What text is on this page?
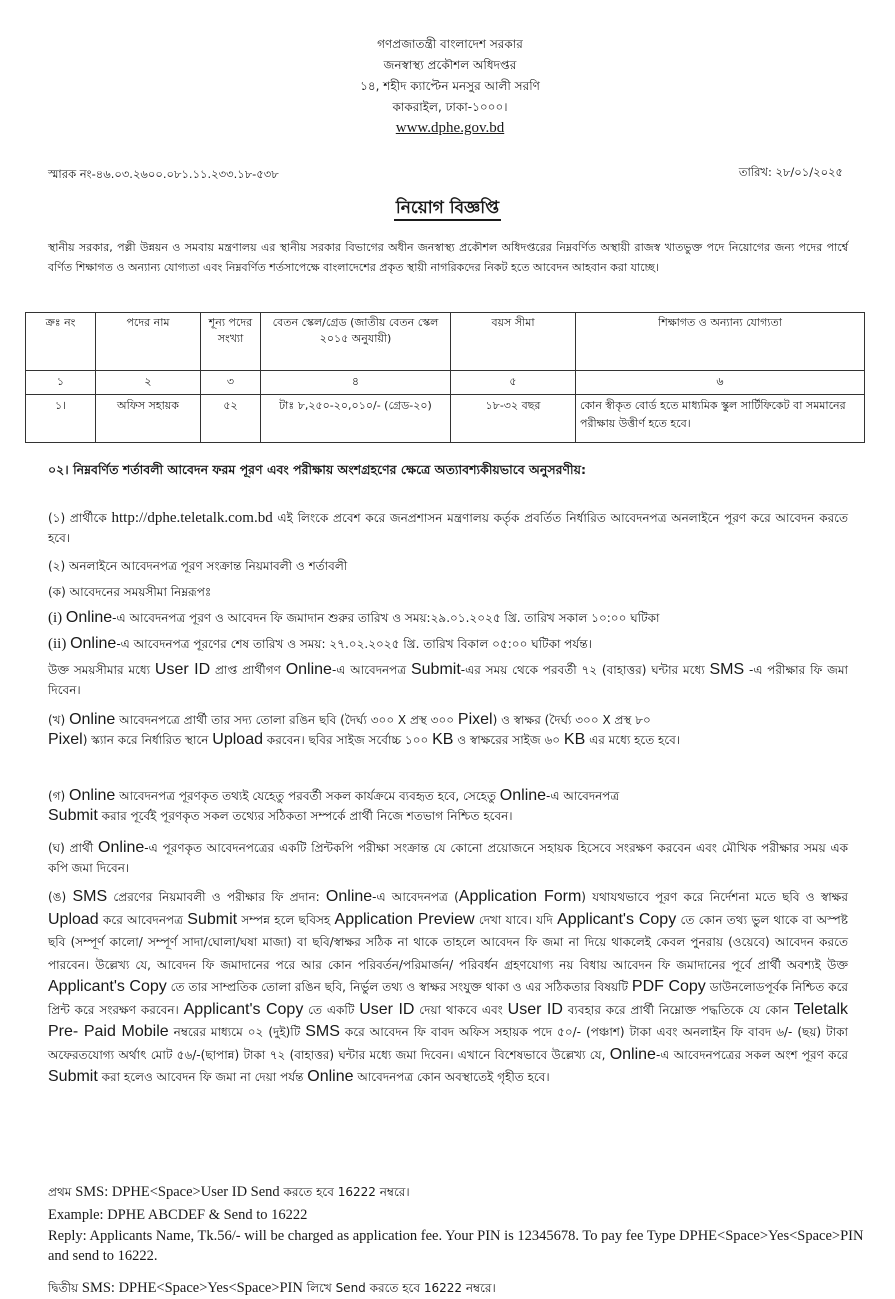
গণপ্রজাতন্ত্রী বাংলাদেশ সরকার
জনস্বাস্থ্য প্রকৌশল অধিদপ্তর
১৪, শহীদ ক্যাপ্টেন মনসুর আলী সরণি
কাকরাইল, ঢাকা-১০০০।
www.dphe.gov.bd
স্মারক নং-৪৬.০৩.২৬০০.০৮১.১১.২৩৩.১৮-৫৩৮	তারিখ: ২৮/০১/২০২৫
নিয়োগ বিজ্ঞপ্তি
স্থানীয় সরকার, পল্লী উন্নয়ন ও সমবায় মন্ত্রণালয় এর স্থানীয় সরকার বিভাগের অধীন জনস্বাস্থ্য প্রকৌশল অধিদপ্তরের নিম্নবর্ণিত অস্থায়ী রাজস্ব খাতভুক্ত পদে নিয়োগের জন্য পদের পার্শ্বে বর্ণিত শিক্ষাগত ও অন্যান্য যোগ্যতা এবং নিম্নবর্ণিত শর্তসাপেক্ষে বাংলাদেশের প্রকৃত স্থায়ী নাগরিকদের নিকট হতে আবেদন আহবান করা যাচ্ছে।
ক্রঃ নং	পদের নাম	শূন্য পদের সংখ্যা	বেতন স্কেল/গ্রেড (জাতীয় বেতন স্কেল ২০১৫ অনুযায়ী)	বয়স সীমা	শিক্ষাগত ও অন্যান্য যোগ্যতা
১	২	৩	৪	৫	৬
১।	অফিস সহায়ক	৫২	টাঃ ৮,২৫০-২০,০১০/- (গ্রেড-২০)	১৮-৩২ বছর	কোন স্বীকৃত বোর্ড হতে মাধ্যমিক স্কুল সার্টিফিকেট বা সমমানের পরীক্ষায় উত্তীর্ণ হতে হবে।
০২। নিম্নবর্ণিত শর্তাবলী আবেদন ফরম পূরণ এবং পরীক্ষায় অংশগ্রহণের ক্ষেত্রে অত্যাবশ্যকীয়ভাবে অনুসরণীয়:
(১) প্রার্থীকে http://dphe.teletalk.com.bd এই লিংকে প্রবেশ করে জনপ্রশাসন মন্ত্রণালয় কর্তৃক প্রবর্তিত নির্ধারিত আবেদনপত্র অনলাইনে পূরণ করে আবেদন করতে হবে।
(২) অনলাইনে আবেদনপত্র পূরণ সংক্রান্ত নিয়মাবলী ও শর্তাবলী
(ক) আবেদনের সময়সীমা নিম্নরূপঃ
(i) Online-এ আবেদনপত্র পূরণ ও আবেদন ফি জমাদান শুরুর তারিখ ও সময়:২৯.০১.২০২৫ খ্রি. তারিখ সকাল ১০:০০ ঘটিকা
(ii) Online-এ আবেদনপত্র পূরণের শেষ তারিখ ও সময়: ২৭.০২.২০২৫ খ্রি. তারিখ বিকাল ০৫:০০ ঘটিকা পর্যন্ত।
উক্ত সময়সীমার মধ্যে User ID প্রাপ্ত প্রার্থীগণ Online-এ আবেদনপত্র Submit-এর সময় থেকে পরবর্তী ৭২ (বাহাত্তর) ঘন্টার মধ্যে SMS -এ পরীক্ষার ফি জমা দিবেন।
(খ) Online আবেদনপত্রে প্রার্থী তার সদ্য তোলা রঙিন ছবি (দৈর্ঘ্য ৩০০ X প্রস্থ ৩০০ Pixel) ও স্বাক্ষর (দৈর্ঘ্য ৩০০ X প্রস্থ ৮০
Pixel) স্ক্যান করে নির্ধারিত স্থানে Upload করবেন। ছবির সাইজ সর্বোচ্চ ১০০ KB ও স্বাক্ষরের সাইজ ৬০ KB এর মধ্যে হতে হবে।
(গ) Online আবেদনপত্র পূরণকৃত তথ্যই যেহেতু পরবর্তী সকল কার্যক্রমে ব্যবহৃত হবে, সেহেতু Online-এ আবেদনপত্র
Submit করার পূর্বেই পূরণকৃত সকল তথ্যের সঠিকতা সম্পর্কে প্রার্থী নিজে শতভাগ নিশ্চিত হবেন।
(ঘ) প্রার্থী Online-এ পূরণকৃত আবেদনপত্রের একটি প্রিন্টকপি পরীক্ষা সংক্রান্ত যে কোনো প্রয়োজনে সহায়ক হিসেবে সংরক্ষণ করবেন এবং মৌখিক পরীক্ষার সময় এক কপি জমা দিবেন।
(ঙ) SMS প্রেরণের নিয়মাবলী ও পরীক্ষার ফি প্রদান: Online-এ আবেদনপত্র (Application Form) যথাযথভাবে পূরণ করে নির্দেশনা মতে ছবি ও স্বাক্ষর Upload করে আবেদনপত্র Submit সম্পন্ন হলে ছবিসহ Application Preview দেখা যাবে। যদি Applicant's Copy তে কোন তথ্য ভুল থাকে বা অস্পষ্ট ছবি (সম্পূর্ণ কালো/ সম্পূর্ণ সাদা/ঘোলা/ঘষা মাজা) বা ছবি/স্বাক্ষর সঠিক না থাকে তাহলে আবেদন ফি জমা না দিয়ে থাকলেই কেবল পুনরায় (ওয়েবে) আবেদন করতে পারবেন। উল্লেখ্য যে, আবেদন ফি জমাদানের পরে আর কোন পরিবর্তন/পরিমার্জন/ পরিবর্ধন গ্রহণযোগ্য নয় বিধায় আবেদন ফি জমাদানের পূর্বে প্রার্থী অবশ্যই উক্ত Applicant's Copy তে তার সাম্প্রতিক তোলা রঙিন ছবি, নির্ভুল তথ্য ও স্বাক্ষর সংযুক্ত থাকা ও এর সঠিকতার বিষয়টি PDF Copy ডাউনলোডপূর্বক নিশ্চিত করে প্রিন্ট করে সংরক্ষণ করবেন। Applicant's Copy তে একটি User ID দেয়া থাকবে এবং User ID ব্যবহার করে প্রার্থী নিম্নোক্ত পদ্ধতিকে যে কোন Teletalk Pre- Paid Mobile নম্বরের মাধ্যমে ০২ (দুই)টি SMS করে আবেদন ফি বাবদ অফিস সহায়ক পদে ৫০/- (পঞ্চাশ) টাকা এবং অনলাইন ফি বাবদ ৬/- (ছয়) টাকা অফেরতযোগ্য অর্থাৎ মোট ৫৬/-(ছাপান্ন) টাকা ৭২ (বাহাত্তর) ঘন্টার মধ্যে জমা দিবেন। এখানে বিশেষভাবে উল্লেখ্য যে, Online-এ আবেদনপত্রের সকল অংশ পূরণ করে Submit করা হলেও আবেদন ফি জমা না দেয়া পর্যন্ত Online আবেদনপত্র কোন অবস্থাতেই গৃহীত হবে।
প্রথম SMS: DPHE<Space>User ID Send করতে হবে 16222 নম্বরে।
Example: DPHE ABCDEF & Send to 16222
Reply: Applicants Name, Tk.56/- will be charged as application fee. Your PIN is 12345678. To pay fee Type DPHE<Space>Yes<Space>PIN and send to 16222.
দ্বিতীয় SMS: DPHE<Space>Yes<Space>PIN লিখে Send করতে হবে 16222 নম্বরে।
